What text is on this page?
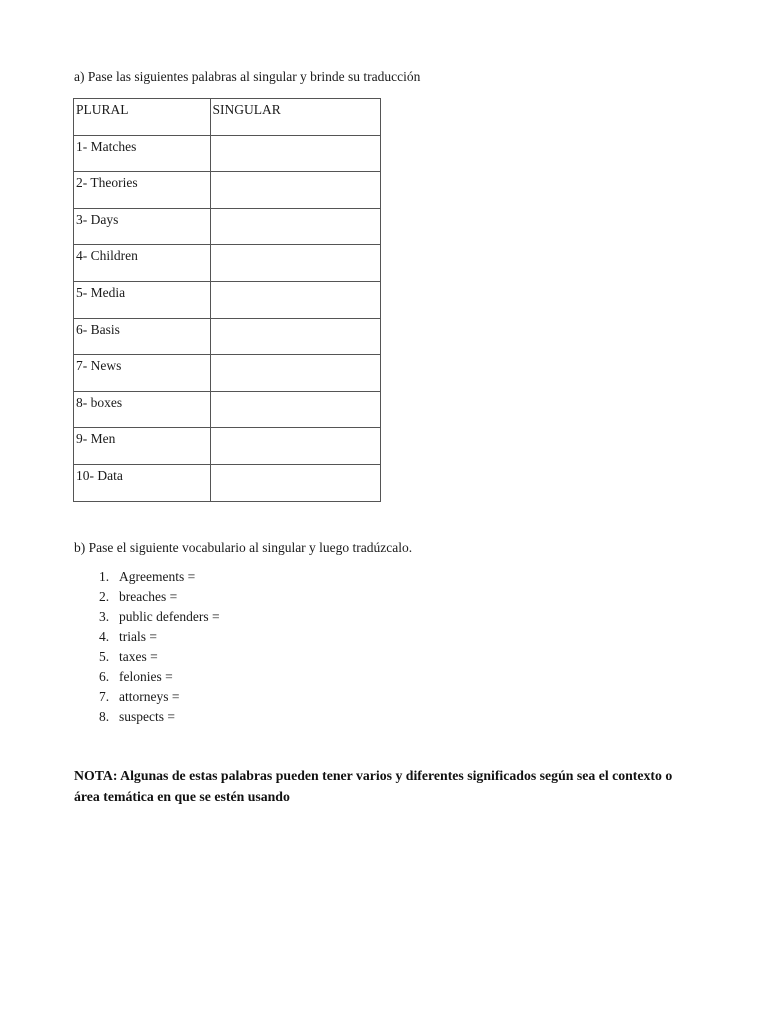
a) Pase las siguientes palabras al singular y brinde su traducción
PLURAL	SINGULAR

1- Matches	

2- Theories	

3- Days	

4- Children	

5- Media	

6- Basis	

7- News	

8- boxes	

9- Men	

10- Data	

b) Pase el siguiente vocabulario al singular y luego tradúzcalo.
1. Agreements =
2. breaches =
3. public defenders =
4. trials =
5. taxes =
6. felonies =
7. attorneys =
8. suspects =
NOTA: Algunas de estas palabras pueden tener varios y diferentes significados según sea el contexto o área temática en que se estén usando
